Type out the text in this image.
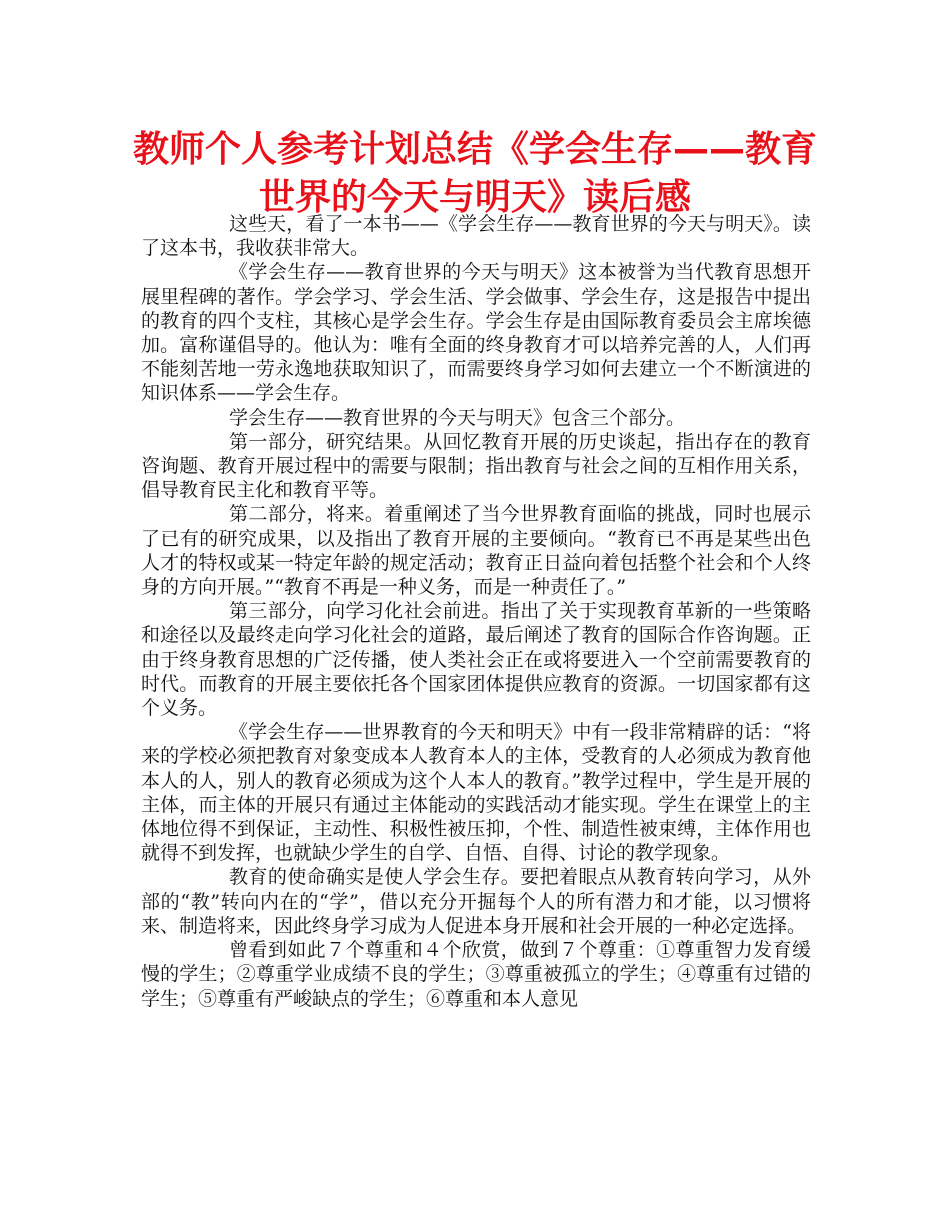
教师个人参考计划总结《学会生存——教育世界的今天与明天》读后感

这些天，看了一本书——《学会生存——教育世界的今天与明天》。读了这本书，我收获非常大。

《学会生存——教育世界的今天与明天》这本被誉为当代教育思想开展里程碑的著作。学会学习、学会生活、学会做事、学会生存，这是报告中提出的教育的四个支柱，其核心是学会生存。学会生存是由国际教育委员会主席埃德加。富称谨倡导的。他认为：唯有全面的终身教育才可以培养完善的人，人们再不能刻苦地一劳永逸地获取知识了，而需要终身学习如何去建立一个不断演进的知识体系——学会生存。

学会生存——教育世界的今天与明天》包含三个部分。

第一部分，研究结果。从回忆教育开展的历史谈起，指出存在的教育咨询题、教育开展过程中的需要与限制；指出教育与社会之间的互相作用关系，倡导教育民主化和教育平等。

第二部分，将来。着重阐述了当今世界教育面临的挑战，同时也展示了已有的研究成果，以及指出了教育开展的主要倾向。“教育已不再是某些出色人才的特权或某一特定年龄的规定活动；教育正日益向着包括整个社会和个人终身的方向开展。”“教育不再是一种义务，而是一种责任了。”

第三部分，向学习化社会前进。指出了关于实现教育革新的一些策略和途径以及最终走向学习化社会的道路，最后阐述了教育的国际合作咨询题。正由于终身教育思想的广泛传播，使人类社会正在或将要进入一个空前需要教育的时代。而教育的开展主要依托各个国家团体提供应教育的资源。一切国家都有这个义务。

《学会生存——世界教育的今天和明天》中有一段非常精辟的话：“将来的学校必须把教育对象变成本人教育本人的主体，受教育的人必须成为教育他本人的人，别人的教育必须成为这个人本人的教育。”教学过程中，学生是开展的主体，而主体的开展只有通过主体能动的实践活动才能实现。学生在课堂上的主体地位得不到保证，主动性、积极性被压抑，个性、制造性被束缚，主体作用也就得不到发挥，也就缺少学生的自学、自悟、自得、讨论的教学现象。

教育的使命确实是使人学会生存。要把着眼点从教育转向学习，从外部的“教”转向内在的“学”，借以充分开掘每个人的所有潜力和才能，以习惯将来、制造将来，因此终身学习成为人促进本身开展和社会开展的一种必定选择。

曾看到如此７个尊重和４个欣赏，做到７个尊重：①尊重智力发育缓慢的学生；②尊重学业成绩不良的学生；③尊重被孤立的学生；④尊重有过错的学生；⑤尊重有严峻缺点的学生；⑥尊重和本人意见
